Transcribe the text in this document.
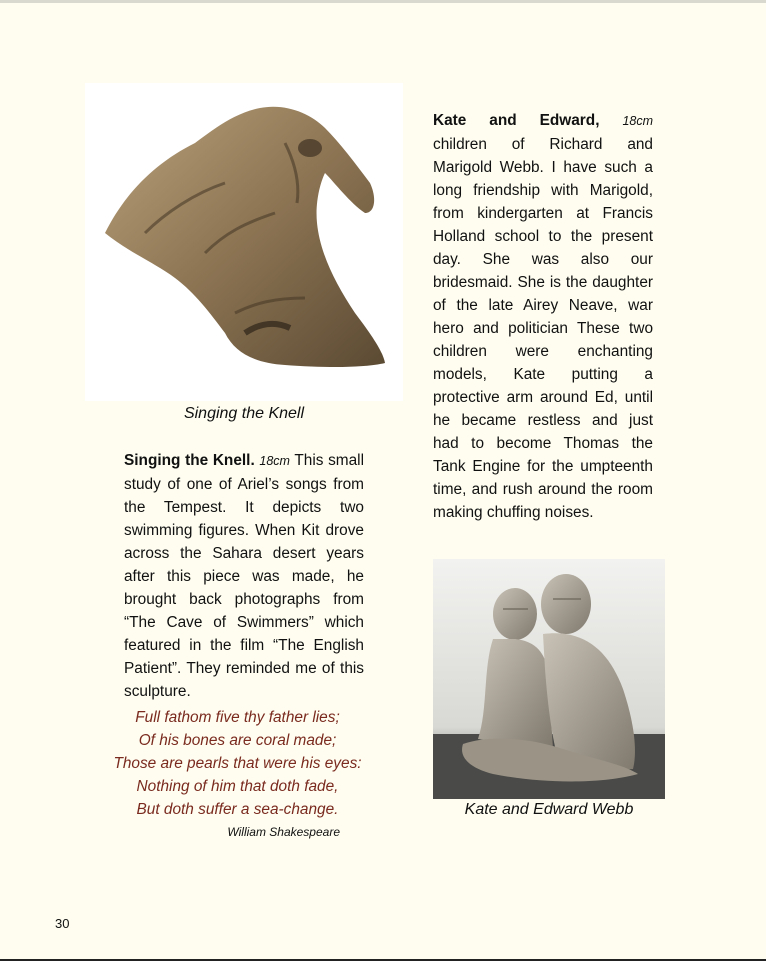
Singing the Knell

Singing the Knell. 18cm This small study of one of Ariel’s songs from the Tempest. It depicts two swimming figures. When Kit drove across the Sahara desert years after this piece was made, he brought back photographs from “The Cave of Swimmers” which featured in the film “The English Patient”. They reminded me of this sculpture.

Full fathom five thy father lies;
Of his bones are coral made;
Those are pearls that were his eyes:
Nothing of him that doth fade,
But doth suffer a sea-change.
William Shakespeare

Kate and Edward, 18cm children of Richard and Marigold Webb. I have such a long friendship with Marigold, from kindergarten at Francis Holland school to the present day. She was also our bridesmaid. She is the daughter of the late Airey Neave, war hero and politician These two children were enchanting models, Kate putting a protective arm around Ed, until he became restless and just had to become Thomas the Tank Engine for the umpteenth time, and rush around the room making chuffing noises.

Kate and Edward Webb
30
